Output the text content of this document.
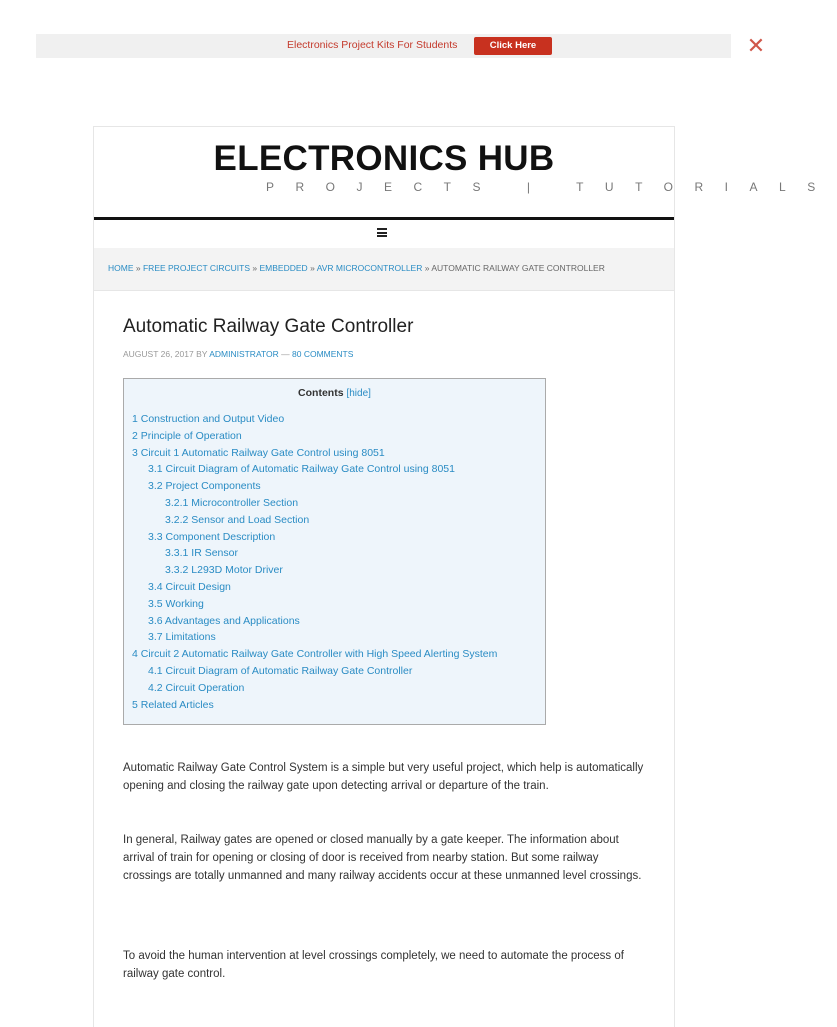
Electronics Project Kits For Students	Click Here	✕
ELECTRONICS HUB
PROJECTS | TUTORIALS
HOME » FREE PROJECT CIRCUITS » EMBEDDED » AVR MICROCONTROLLER » AUTOMATIC RAILWAY GATE CONTROLLER
Automatic Railway Gate Controller
AUGUST 26, 2017 BY ADMINISTRATOR — 80 COMMENTS
Contents [hide]
1 Construction and Output Video
2 Principle of Operation
3 Circuit 1 Automatic Railway Gate Control using 8051
3.1 Circuit Diagram of Automatic Railway Gate Control using 8051
3.2 Project Components
3.2.1 Microcontroller Section
3.2.2 Sensor and Load Section
3.3 Component Description
3.3.1 IR Sensor
3.3.2 L293D Motor Driver
3.4 Circuit Design
3.5 Working
3.6 Advantages and Applications
3.7 Limitations
4 Circuit 2 Automatic Railway Gate Controller with High Speed Alerting System
4.1 Circuit Diagram of Automatic Railway Gate Controller
4.2 Circuit Operation
5 Related Articles

Automatic Railway Gate Control System is a simple but very useful project, which help is automatically opening and closing the railway gate upon detecting arrival or departure of the train.

In general, Railway gates are opened or closed manually by a gate keeper. The information about arrival of train for opening or closing of door is received from nearby station. But some railway crossings are totally unmanned and many railway accidents occur at these unmanned level crossings.

To avoid the human intervention at level crossings completely, we need to automate the process of railway gate control.
